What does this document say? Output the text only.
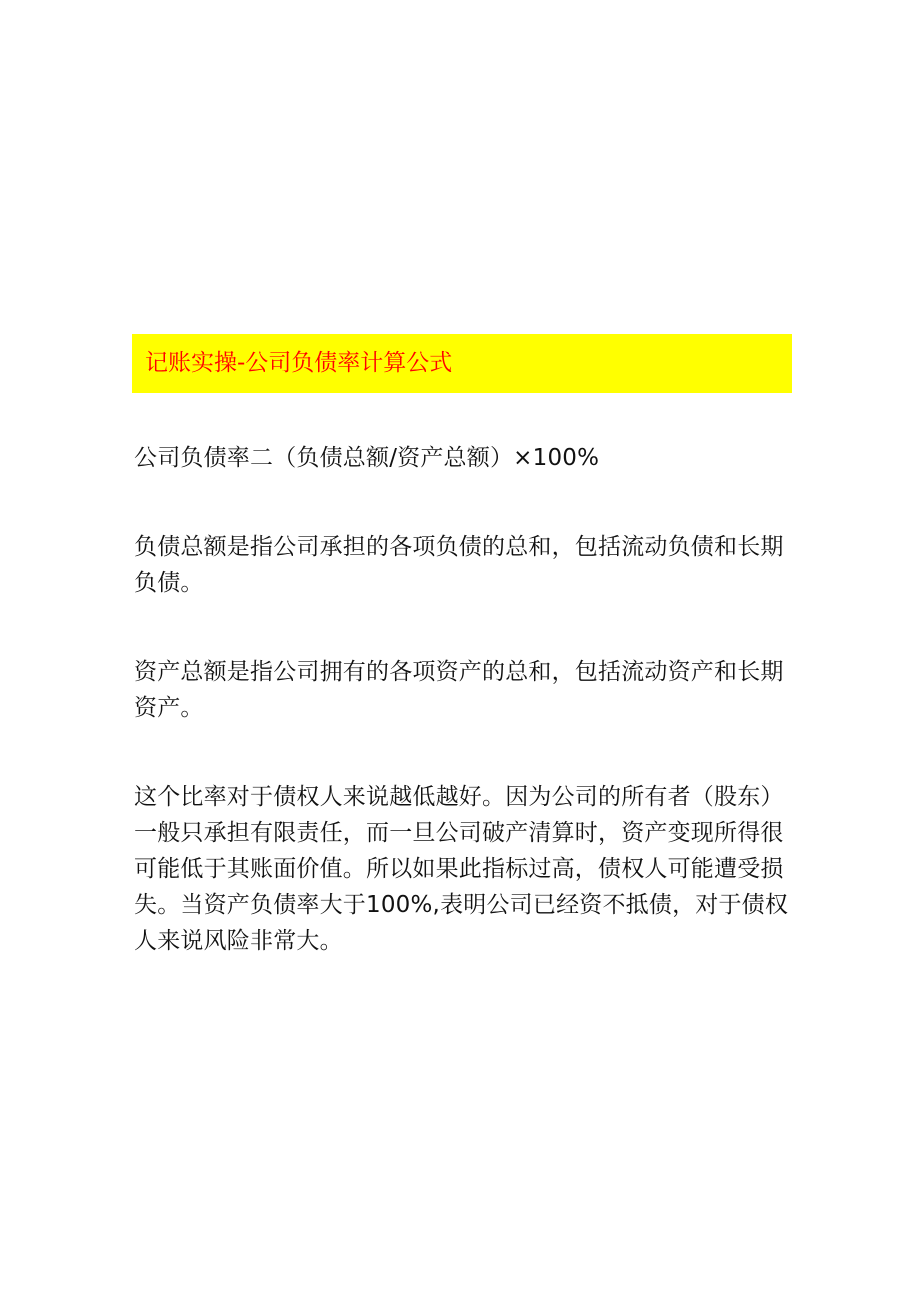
记账实操-公司负债率计算公式

公司负债率二（负债总额/资产总额）×100%

负债总额是指公司承担的各项负债的总和，包括流动负债和长期负债。

资产总额是指公司拥有的各项资产的总和，包括流动资产和长期资产。

这个比率对于债权人来说越低越好。因为公司的所有者（股东）一般只承担有限责任，而一旦公司破产清算时，资产变现所得很可能低于其账面价值。所以如果此指标过高，债权人可能遭受损失。当资产负债率大于100%,表明公司已经资不抵债，对于债权人来说风险非常大。
